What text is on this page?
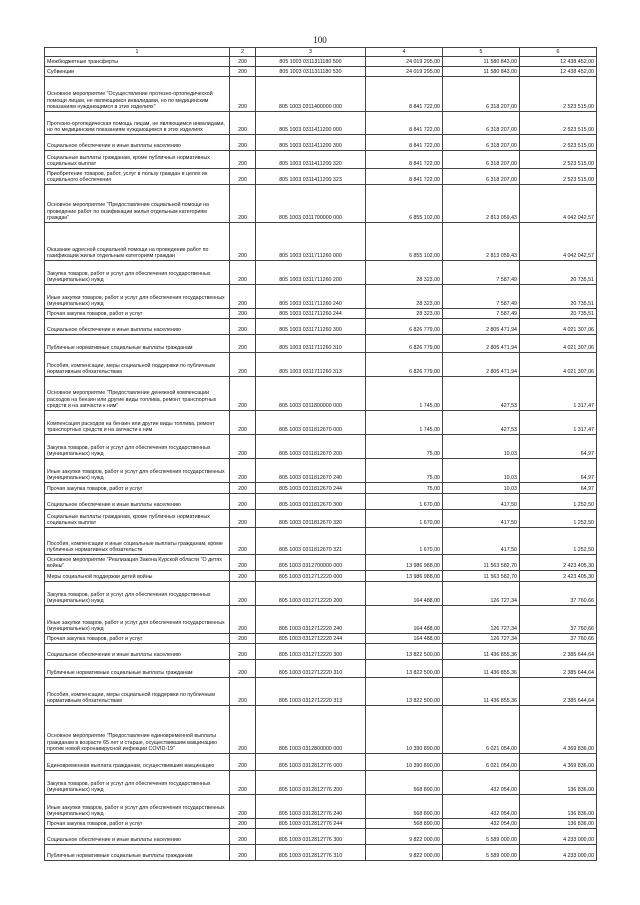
100
1	2	3	4	5	6
Межбюджетные трансферты	200	805 1003 0311311180 500	24 019 295,00	11 580 843,00	12 438 452,00
Субвенции	200	805 1003 0311311180 530	24 019 295,00	11 580 843,00	12 438 452,00
Основное мероприятие "Осуществление протезно-ортопедической помощи лицам, не являющимся инвалидами, но по медицинским показаниям нуждающимся в этих изделиях"	200	805 1003 0311400000 000	8 841 722,00	6 318 207,00	2 523 515,00
Протезно-ортопедическая помощь лицам, не являющимся инвалидами, но по медицинским показаниям нуждающимся в этих изделиях	200	805 1003 0311411200 000	8 841 722,00	6 318 207,00	2 523 515,00
Социальное обеспечение и иные выплаты населению	200	805 1003 0311411200 300	8 841 722,00	6 318 207,00	2 523 515,00
Социальные выплаты гражданам, кроме публичных нормативных социальных выплат	200	805 1003 0311411200 320	8 841 722,00	6 318 207,00	2 523 515,00
Приобретение товаров, работ, услуг в пользу граждан в целях их социального обеспечения	200	805 1003 0311411200 323	8 841 722,00	6 318 207,00	2 523 515,00
Основное мероприятие "Предоставление социальной помощи на проведение работ по газификации жилья отдельным категориям граждан"	200	805 1003 0311700000 000	6 855 102,00	2 813 059,43	4 042 042,57
Оказание адресной социальной помощи на проведение работ по газификации жилья отдельным категориям граждан	200	805 1003 0311711260 000	6 855 102,00	2 813 059,43	4 042 042,57
Закупка товаров, работ и услуг для обеспечения государственных (муниципальных) нужд	200	805 1003 0311711260 200	28 323,00	7 587,49	20 735,51
Иные закупки товаров, работ и услуг для обеспечения государственных (муниципальных) нужд	200	805 1003 0311711260 240	28 323,00	7 587,49	20 735,51
Прочая закупка товаров, работ и услуг	200	805 1003 0311711260 244	28 323,00	7 587,49	20 735,51
Социальное обеспечение и иные выплаты населению	200	805 1003 0311711260 300	6 826 779,00	2 805 471,94	4 021 307,06
Публичные нормативные социальные выплаты гражданам	200	805 1003 0311711260 310	6 826 779,00	2 805 471,94	4 021 307,06
Пособия, компенсации, меры социальной поддержки по публичным нормативным обязательствам	200	805 1003 0311711260 313	6 826 779,00	2 805 471,94	4 021 307,06
Основное мероприятие "Предоставление денежной компенсации расходов на бензин или другие виды топлива, ремонт транспортных средств и на запчасти к ним"	200	805 1003 0311800000 000	1 745,00	427,53	1 317,47
Компенсация расходов на бензин или другие виды топлива, ремонт транспортных средств и на запчасти к ним	200	805 1003 0311812670 000	1 745,00	427,53	1 317,47
Закупка товаров, работ и услуг для обеспечения государственных (муниципальных) нужд	200	805 1003 0311812670 200	75,00	10,03	64,97
Иные закупки товаров, работ и услуг для обеспечения государственных (муниципальных) нужд	200	805 1003 0311812670 240	75,00	10,03	64,97
Прочая закупка товаров, работ и услуг	200	805 1003 0311812670 244	75,00	10,03	64,97
Социальное обеспечение и иные выплаты населению	200	805 1003 0311812670 300	1 670,00	417,50	1 252,50
Социальные выплаты гражданам, кроме публичных нормативных социальных выплат	200	805 1003 0311812670 320	1 670,00	417,50	1 252,50
Пособия, компенсации и иные социальные выплаты гражданам, кроме публичных нормативных обязательств	200	805 1003 0311812670 321	1 670,00	417,50	1 252,50
Основное мероприятие "Реализация Закона Курской области "О детях войны"	200	805 1003 0312700000 000	13 986 988,00	11 563 582,70	2 423 405,30
Меры социальной поддержки детей войны	200	805 1003 0312712220 000	13 986 988,00	11 563 582,70	2 423 405,30
Закупка товаров, работ и услуг для обеспечения государственных (муниципальных) нужд	200	805 1003 0312712220 200	164 488,00	126 727,34	37 760,66
Иные закупки товаров, работ и услуг для обеспечения государственных (муниципальных) нужд	200	805 1003 0312712220 240	164 488,00	126 727,34	37 760,66
Прочая закупка товаров, работ и услуг	200	805 1003 0312712220 244	164 488,00	126 727,34	37 760,66
Социальное обеспечение и иные выплаты населению	200	805 1003 0312712220 300	13 822 500,00	11 436 855,36	2 385 644,64
Публичные нормативные социальные выплаты гражданам	200	805 1003 0312712220 310	13 822 500,00	11 436 855,36	2 385 644,64
Пособия, компенсации, меры социальной поддержки по публичным нормативным обязательствам	200	805 1003 0312712220 313	13 822 500,00	11 436 855,36	2 385 644,64
Основное мероприятие "Предоставление единовременной выплаты гражданам в возрасте 65 лет и старше, осуществившим вакцинацию против новой коронавирусной инфекции COVID-19"	200	805 1003 0312800000 000	10 390 890,00	6 021 054,00	4 369 836,00
Единовременная выплата гражданам, осуществившим вакцинацию	200	805 1003 0312812776 000	10 390 890,00	6 021 054,00	4 369 836,00
Закупка товаров, работ и услуг для обеспечения государственных (муниципальных) нужд	200	805 1003 0312812776 200	568 890,00	432 054,00	136 836,00
Иные закупки товаров, работ и услуг для обеспечения государственных (муниципальных) нужд	200	805 1003 0312812776 240	568 890,00	432 054,00	136 836,00
Прочая закупка товаров, работ и услуг	200	805 1003 0312812776 244	568 890,00	432 054,00	136 836,00
Социальное обеспечение и иные выплаты населению	200	805 1003 0312812776 300	9 822 000,00	5 589 000,00	4 233 000,00
Публичные нормативные социальные выплаты гражданам	200	805 1003 0312812776 310	9 822 000,00	5 589 000,00	4 233 000,00
